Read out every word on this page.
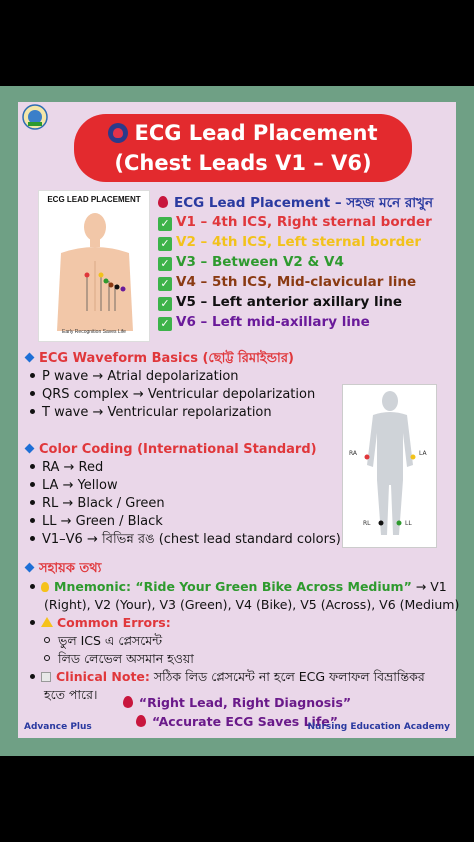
ECG Lead Placement
(Chest Leads V1 – V6)
ECG LEAD PLACEMENT
Early Recognition Saves Life
ECG Lead Placement – সহজ মনে রাখুন
✓ V1 – 4th ICS, Right sternal border
✓ V2 – 4th ICS, Left sternal border
✓ V3 – Between V2 & V4
✓ V4 – 5th ICS, Mid-clavicular line
✓ V5 – Left anterior axillary line
✓ V6 – Left mid-axillary line
ECG Waveform Basics (ছোট্ট রিমাইন্ডার)
P wave → Atrial depolarization
QRS complex → Ventricular depolarization
T wave → Ventricular repolarization
Color Coding (International Standard)
RA → Red
LA → Yellow
RL → Black / Green
LL → Green / Black
V1–V6 → বিভিন্ন রঙ (chest lead standard colors)
RA	LA
RL	LL
সহায়ক তথ্য
Mnemonic: “Ride Your Green Bike Across Medium” → V1
(Right), V2 (Your), V3 (Green), V4 (Bike), V5 (Across), V6 (Medium)
Common Errors:
ভুল ICS এ প্লেসমেন্ট
লিড লেভেল অসমান হওয়া
Clinical Note: সঠিক লিড প্লেসমেন্ট না হলে ECG ফলাফল বিভ্রান্তিকর
হতে পারে।
“Right Lead, Right Diagnosis”
“Accurate ECG Saves Life”
Advance Plus	Nursing Education Academy
